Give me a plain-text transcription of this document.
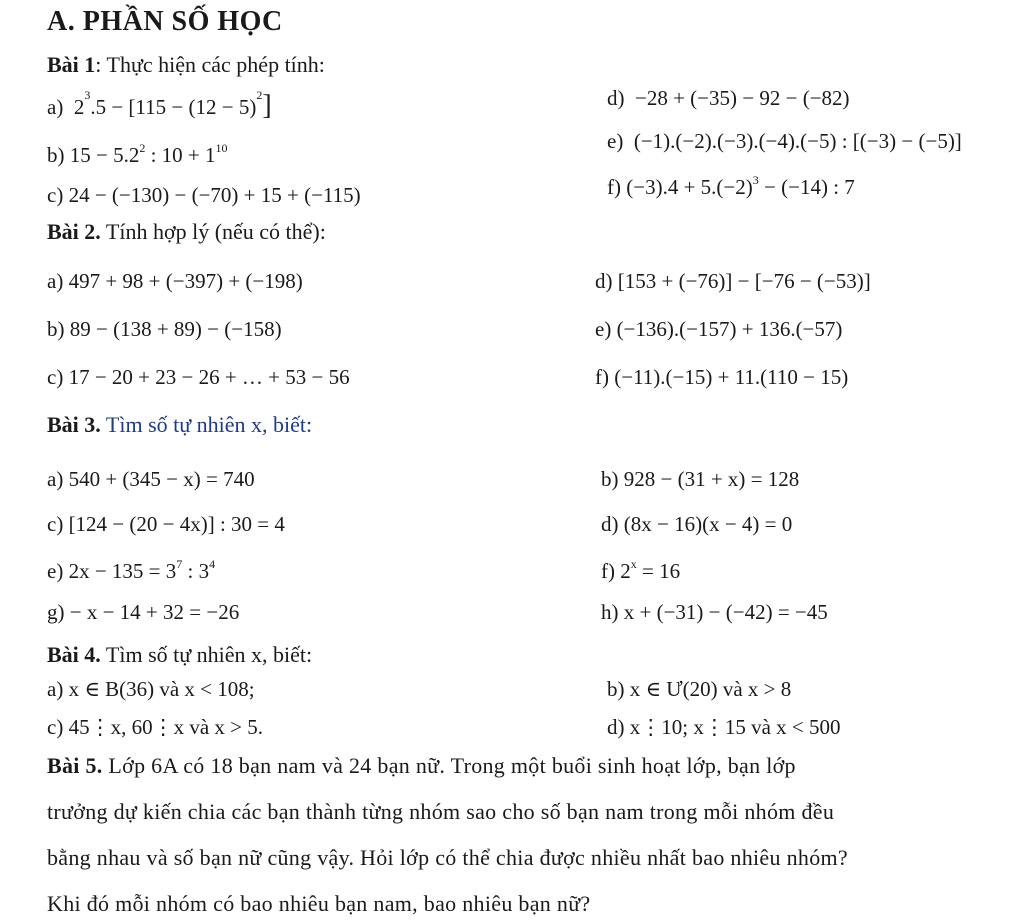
A. PHẦN SỐ HỌC
Bài 1: Thực hiện các phép tính:
a) $2^3.5 - [115 - (12 - 5)^2]$
b) $15 - 5.2^2$ : $10 + 1^{10}$
c) 24 − (−130) − (−70) + 15 + (−115)
d) −28 + (−35) − 92 − (−82)
e) (−1).(−2).(−3).(−4).(−5) : [(−3) − (−5)]
f) $(-3).4 + 5.(-2)^3 - (-14)$ : 7
Bài 2. Tính hợp lý (nếu có thể):
a) 497 + 98 + (−397) + (−198)
b) 89 − (138 + 89) − (−158)
c) 17 − 20 + 23 − 26 + … + 53 − 56
d) [153 + (−76)] − [−76 − (−53)]
e) (−136).(−157) + 136.(−57)
f) (−11).(−15) + 11.(110 − 15)
Bài 3. Tìm số tự nhiên x, biết:
a) 540 + (345 − x) = 740
c) [124 − (20 − 4x)] : 30 = 4
e) $2x - 135 = 3^7$ : $3^4$
g) − x − 14 + 32 = −26
b) 928 − (31 + x) = 128
d) (8x − 16)(x − 4) = 0
f) $2^x = 16$
h) x + (−31) − (−42) = −45
Bài 4. Tìm số tự nhiên x, biết:
a) x ∈ B(36) và x < 108;
c) 45⋮x, 60⋮x và x > 5.
b) x ∈ Ư(20) và x > 8
d) x⋮10; x⋮15 và x < 500
Bài 5. Lớp 6A có 18 bạn nam và 24 bạn nữ. Trong một buổi sinh hoạt lớp, bạn lớp
trưởng dự kiến chia các bạn thành từng nhóm sao cho số bạn nam trong mỗi nhóm đều
bằng nhau và số bạn nữ cũng vậy. Hỏi lớp có thể chia được nhiều nhất bao nhiêu nhóm?
Khi đó mỗi nhóm có bao nhiêu bạn nam, bao nhiêu bạn nữ?
